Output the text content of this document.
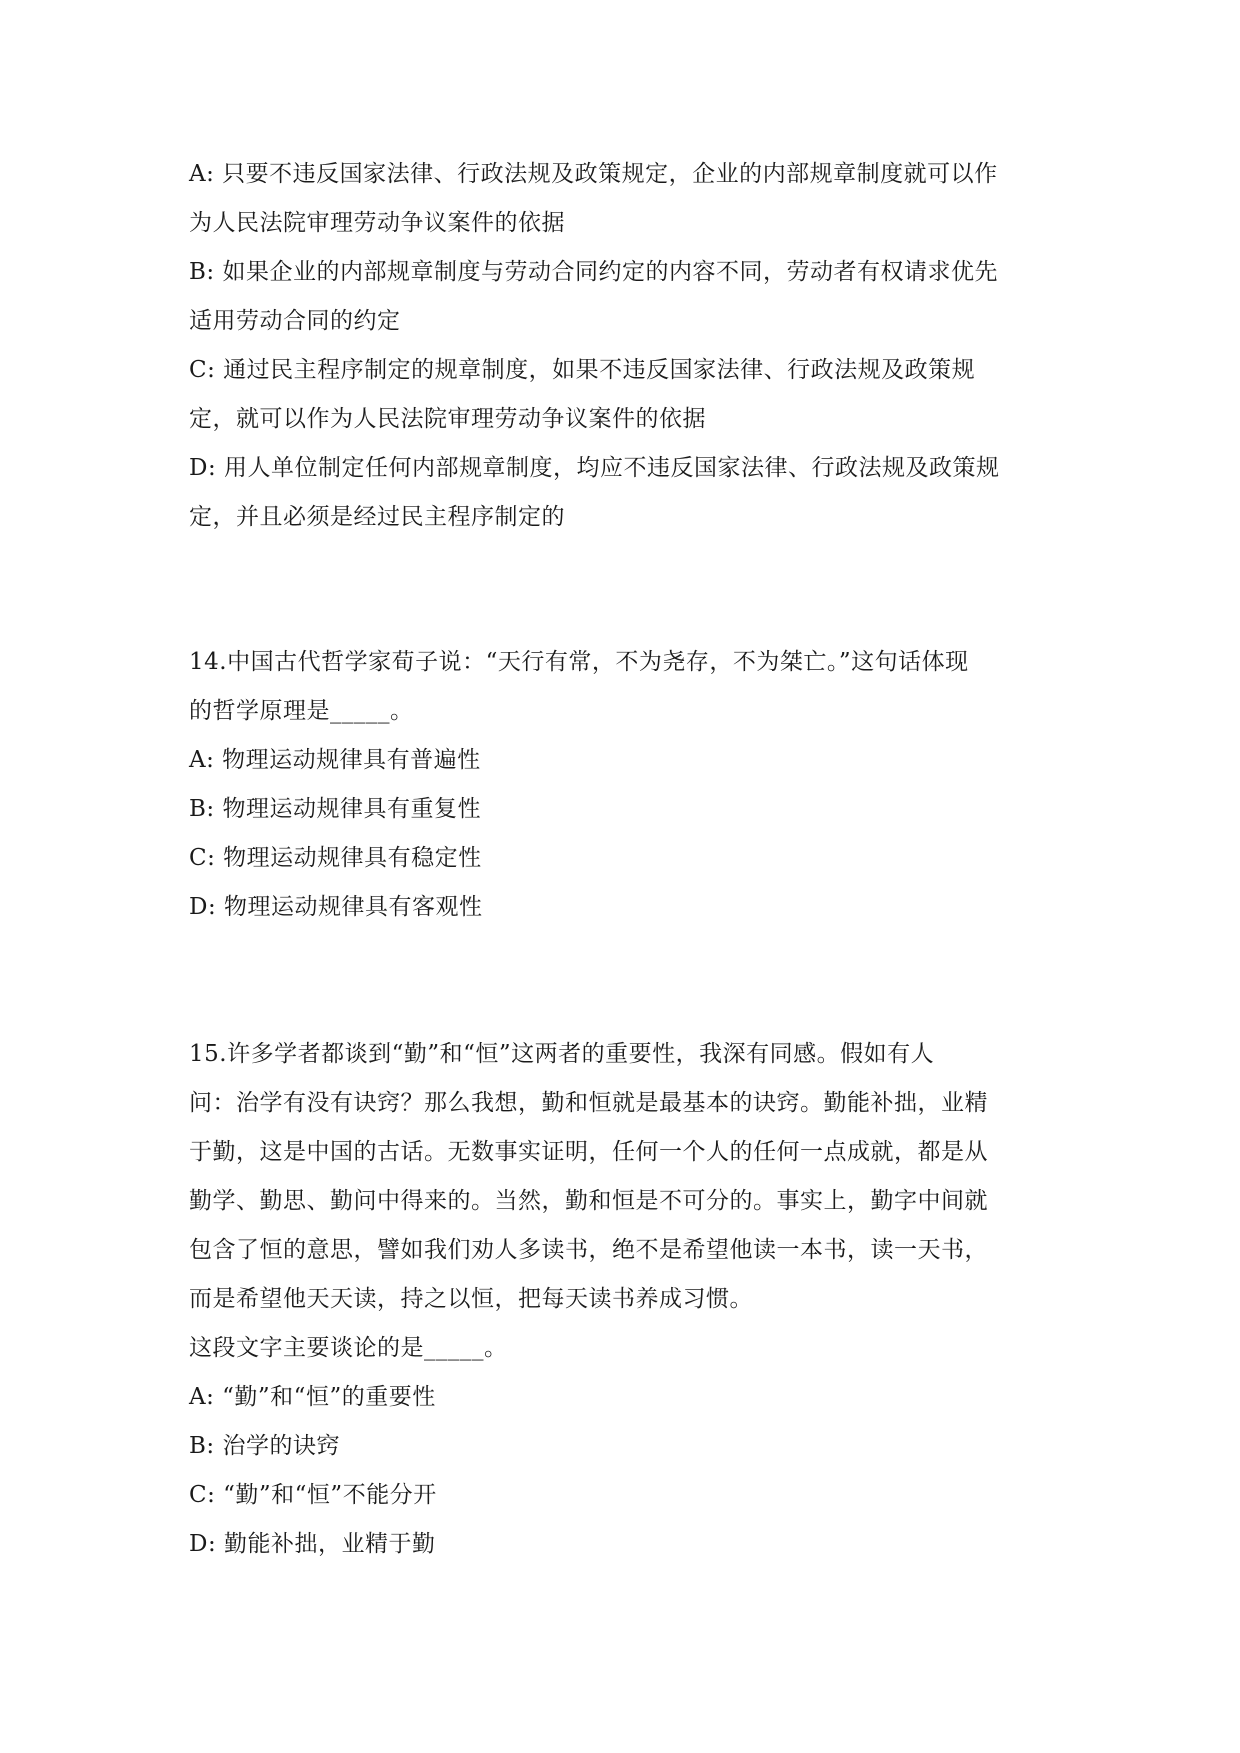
A: 只要不违反国家法律、行政法规及政策规定，企业的内部规章制度就可以作
为人民法院审理劳动争议案件的依据
B: 如果企业的内部规章制度与劳动合同约定的内容不同，劳动者有权请求优先
适用劳动合同的约定
C: 通过民主程序制定的规章制度，如果不违反国家法律、行政法规及政策规
定，就可以作为人民法院审理劳动争议案件的依据
D: 用人单位制定任何内部规章制度，均应不违反国家法律、行政法规及政策规
定，并且必须是经过民主程序制定的
14.中国古代哲学家荀子说：“天行有常，不为尧存，不为桀亡。”这句话体现
的哲学原理是_____。
A: 物理运动规律具有普遍性
B: 物理运动规律具有重复性
C: 物理运动规律具有稳定性
D: 物理运动规律具有客观性
15.许多学者都谈到“勤”和“恒”这两者的重要性，我深有同感。假如有人
问：治学有没有诀窍？那么我想，勤和恒就是最基本的诀窍。勤能补拙，业精
于勤，这是中国的古话。无数事实证明，任何一个人的任何一点成就，都是从
勤学、勤思、勤问中得来的。当然，勤和恒是不可分的。事实上，勤字中间就
包含了恒的意思，譬如我们劝人多读书，绝不是希望他读一本书，读一天书，
而是希望他天天读，持之以恒，把每天读书养成习惯。
这段文字主要谈论的是_____。
A: “勤”和“恒”的重要性
B: 治学的诀窍
C: “勤”和“恒”不能分开
D: 勤能补拙，业精于勤
